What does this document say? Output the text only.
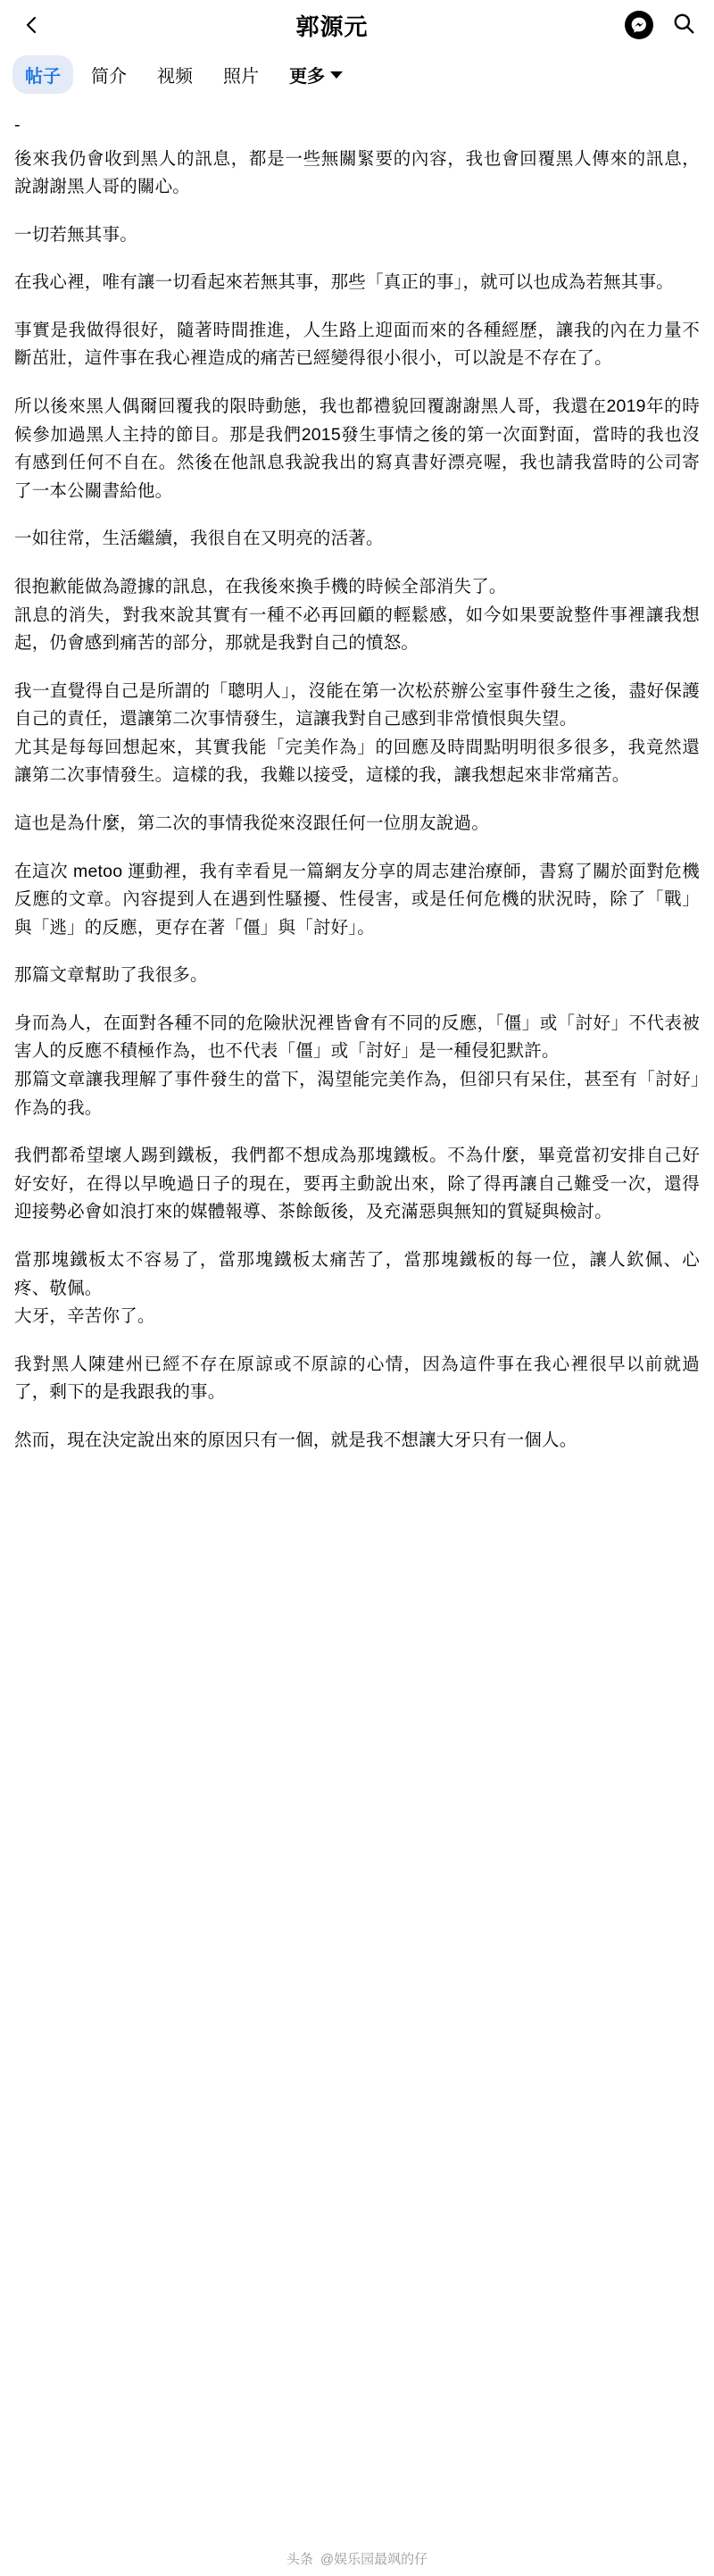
郭源元
帖子	简介	视频	照片	更多

-

後來我仍會收到黑人的訊息，都是一些無關緊要的內容，我也會回覆黑人傳來的訊息，說謝謝黑人哥的關心。

一切若無其事。

在我心裡，唯有讓一切看起來若無其事，那些「真正的事」，就可以也成為若無其事。

事實是我做得很好，隨著時間推進，人生路上迎面而來的各種經歷，讓我的內在力量不斷茁壯，這件事在我心裡造成的痛苦已經變得很小很小，可以說是不存在了。

所以後來黑人偶爾回覆我的限時動態，我也都禮貌回覆謝謝黑人哥，我還在2019年的時候參加過黑人主持的節目。那是我們2015發生事情之後的第一次面對面，當時的我也沒有感到任何不自在。然後在他訊息我說我出的寫真書好漂亮喔，我也請我當時的公司寄了一本公關書給他。

一如往常，生活繼續，我很自在又明亮的活著。

很抱歉能做為證據的訊息，在我後來換手機的時候全部消失了。

訊息的消失，對我來說其實有一種不必再回顧的輕鬆感，如今如果要說整件事裡讓我想起，仍會感到痛苦的部分，那就是我對自己的憤怒。

我一直覺得自己是所謂的「聰明人」，沒能在第一次松菸辦公室事件發生之後，盡好保護自己的責任，還讓第二次事情發生，這讓我對自己感到非常憤恨與失望。

尤其是每每回想起來，其實我能「完美作為」的回應及時間點明明很多很多，我竟然還讓第二次事情發生。這樣的我，我難以接受，這樣的我，讓我想起來非常痛苦。

這也是為什麼，第二次的事情我從來沒跟任何一位朋友說過。

在這次 metoo 運動裡，我有幸看見一篇網友分享的周志建治療師，書寫了關於面對危機反應的文章。內容提到人在遇到性騷擾、性侵害，或是任何危機的狀況時，除了「戰」與「逃」的反應，更存在著「僵」與「討好」。

那篇文章幫助了我很多。

身而為人，在面對各種不同的危險狀況裡皆會有不同的反應，「僵」或「討好」不代表被害人的反應不積極作為，也不代表「僵」或「討好」是一種侵犯默許。

那篇文章讓我理解了事件發生的當下，渴望能完美作為，但卻只有呆住，甚至有「討好」作為的我。

我們都希望壞人踢到鐵板，我們都不想成為那塊鐵板。不為什麼，畢竟當初安排自己好好安好，在得以早晚過日子的現在，要再主動說出來，除了得再讓自己難受一次，還得迎接勢必會如浪打來的媒體報導、茶餘飯後，及充滿惡與無知的質疑與檢討。

當那塊鐵板太不容易了，當那塊鐵板太痛苦了，當那塊鐵板的每一位，讓人欽佩、心疼、敬佩。

大牙，辛苦你了。

我對黑人陳建州已經不存在原諒或不原諒的心情，因為這件事在我心裡很早以前就過了，剩下的是我跟我的事。

然而，現在決定說出來的原因只有一個，就是我不想讓大牙只有一個人。

头条 @娱乐园最飒的仔
